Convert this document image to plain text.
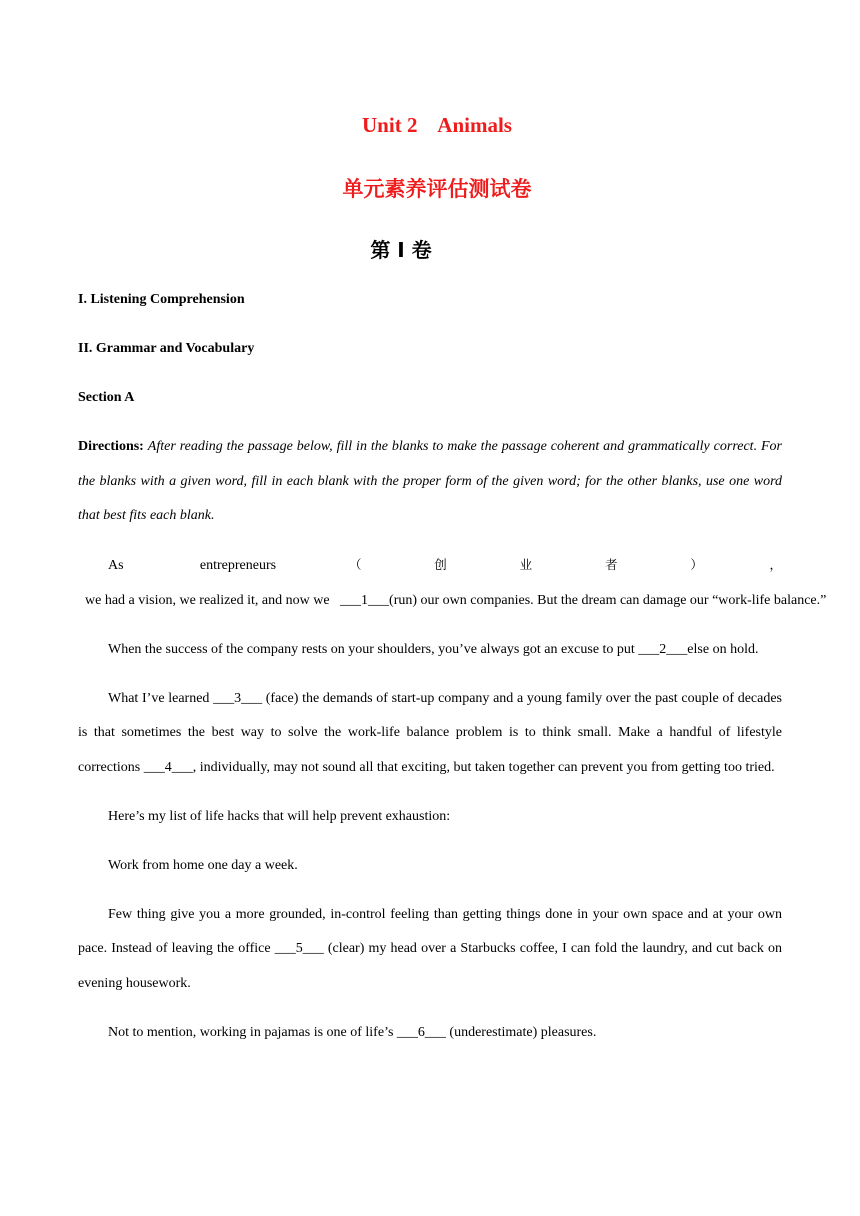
Unit 2    Animals
单元素养评估测试卷
第 I 卷
I. Listening Comprehension
II. Grammar and Vocabulary
Section A

Directions: After reading the passage below, fill in the blanks to make the passage coherent and grammatically correct. For the blanks with a given word, fill in each blank with the proper form of the given word; for the other blanks, use one word that best fits each blank.

As entrepreneurs（创业者），  we had a vision, we realized it, and now we   ___1___(run) our own companies. But the dream can damage our “work-life balance.”

When the success of the company rests on your shoulders, you’ve always got an excuse to put ___2___else on hold.

What I’ve learned ___3___ (face) the demands of start-up company and a young family over the past couple of decades is that sometimes the best way to solve the work-life balance problem is to think small. Make a handful of lifestyle corrections ___4___, individually, may not sound all that exciting, but taken together can prevent you from getting too tried.

Here’s my list of life hacks that will help prevent exhaustion:

Work from home one day a week.

Few thing give you a more grounded, in-control feeling than getting things done in your own space and at your own pace. Instead of leaving the office ___5___ (clear) my head over a Starbucks coffee, I can fold the laundry, and cut back on evening housework.

Not to mention, working in pajamas is one of life’s ___6___ (underestimate) pleasures.
